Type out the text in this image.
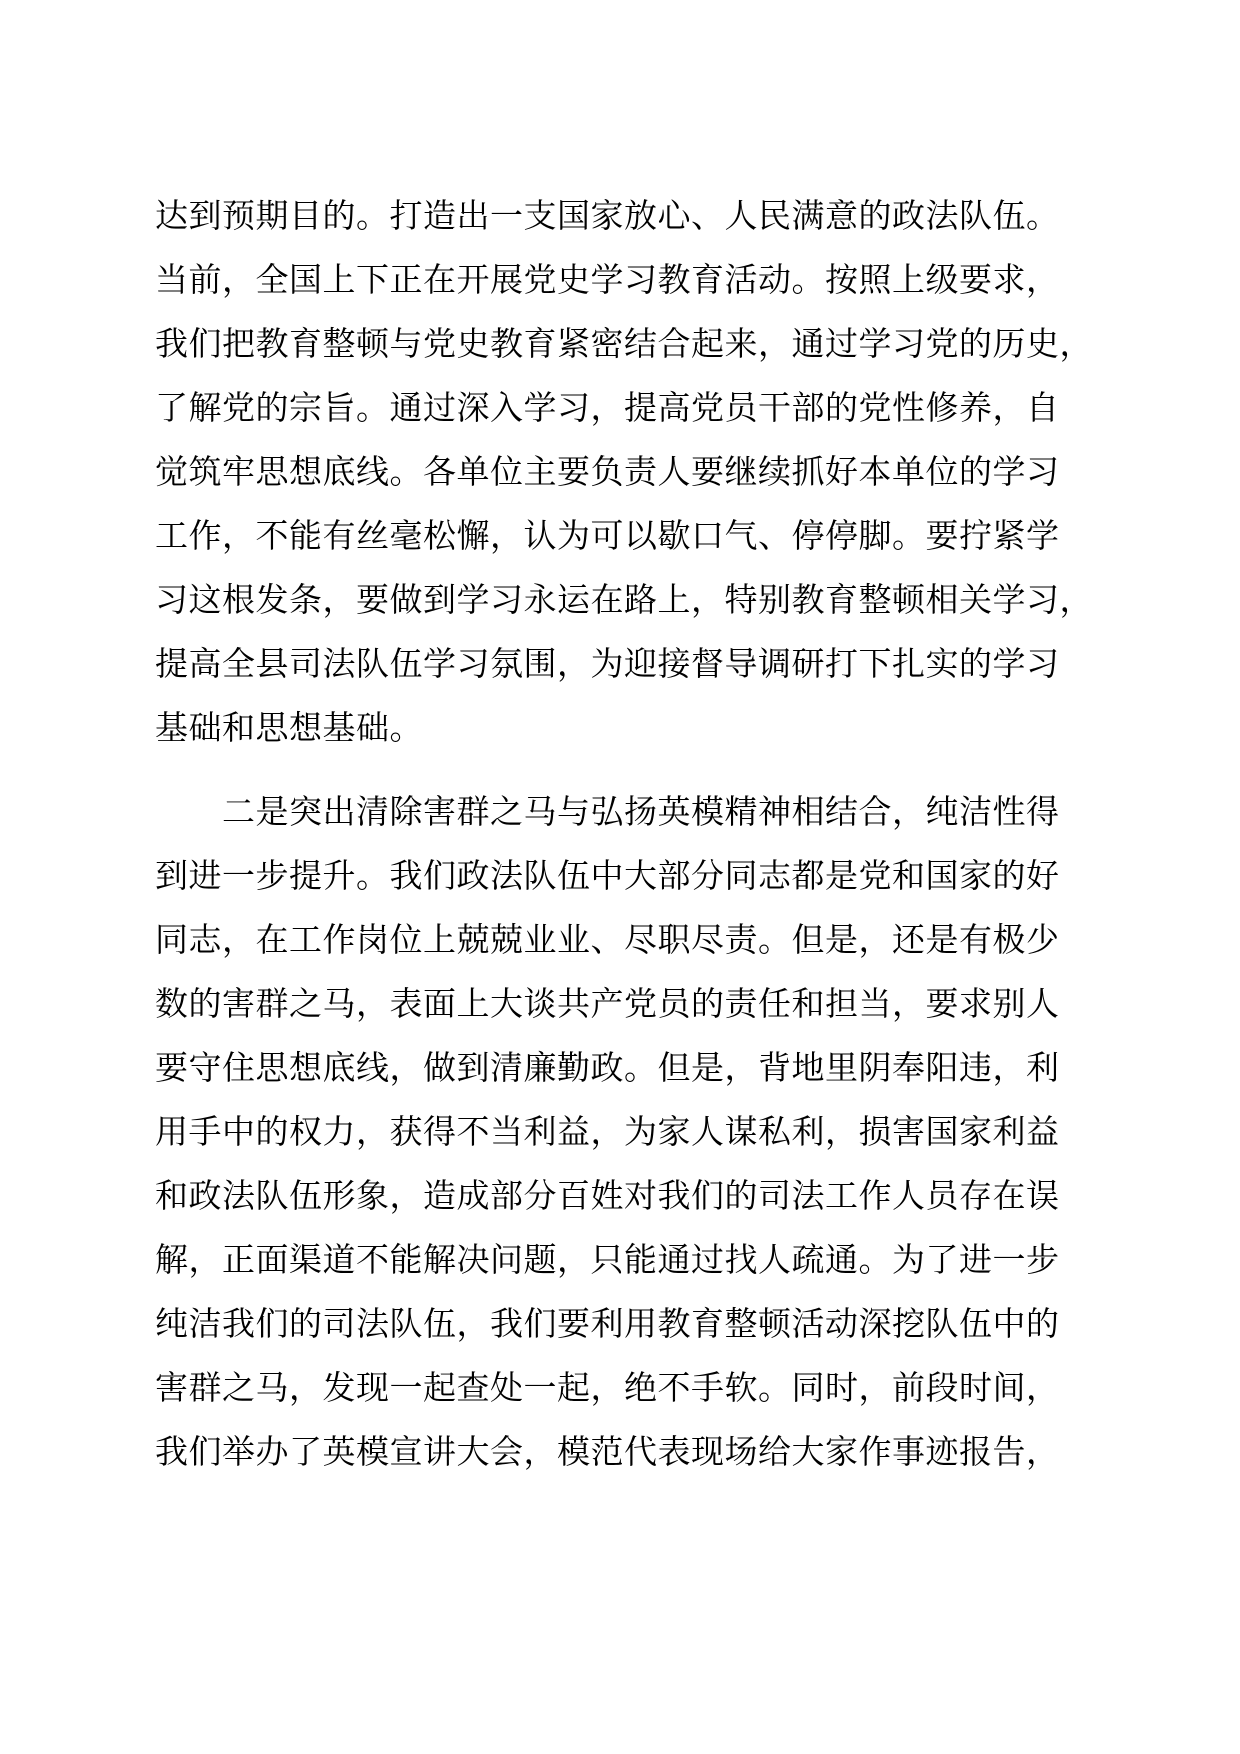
达到预期目的。打造出一支国家放心、人民满意的政法队伍。
当前，全国上下正在开展党史学习教育活动。按照上级要求，
我们把教育整顿与党史教育紧密结合起来，通过学习党的历史，
了解党的宗旨。通过深入学习，提高党员干部的党性修养，自
觉筑牢思想底线。各单位主要负责人要继续抓好本单位的学习
工作，不能有丝毫松懈，认为可以歇口气、停停脚。要拧紧学
习这根发条，要做到学习永运在路上，特别教育整顿相关学习，
提高全县司法队伍学习氛围，为迎接督导调研打下扎实的学习
基础和思想基础。
二是突出清除害群之马与弘扬英模精神相结合，纯洁性得
到进一步提升。我们政法队伍中大部分同志都是党和国家的好
同志，在工作岗位上兢兢业业、尽职尽责。但是，还是有极少
数的害群之马，表面上大谈共产党员的责任和担当，要求别人
要守住思想底线，做到清廉勤政。但是，背地里阴奉阳违，利
用手中的权力，获得不当利益，为家人谋私利，损害国家利益
和政法队伍形象，造成部分百姓对我们的司法工作人员存在误
解，正面渠道不能解决问题，只能通过找人疏通。为了进一步
纯洁我们的司法队伍，我们要利用教育整顿活动深挖队伍中的
害群之马，发现一起查处一起，绝不手软。同时，前段时间，
我们举办了英模宣讲大会，模范代表现场给大家作事迹报告，
